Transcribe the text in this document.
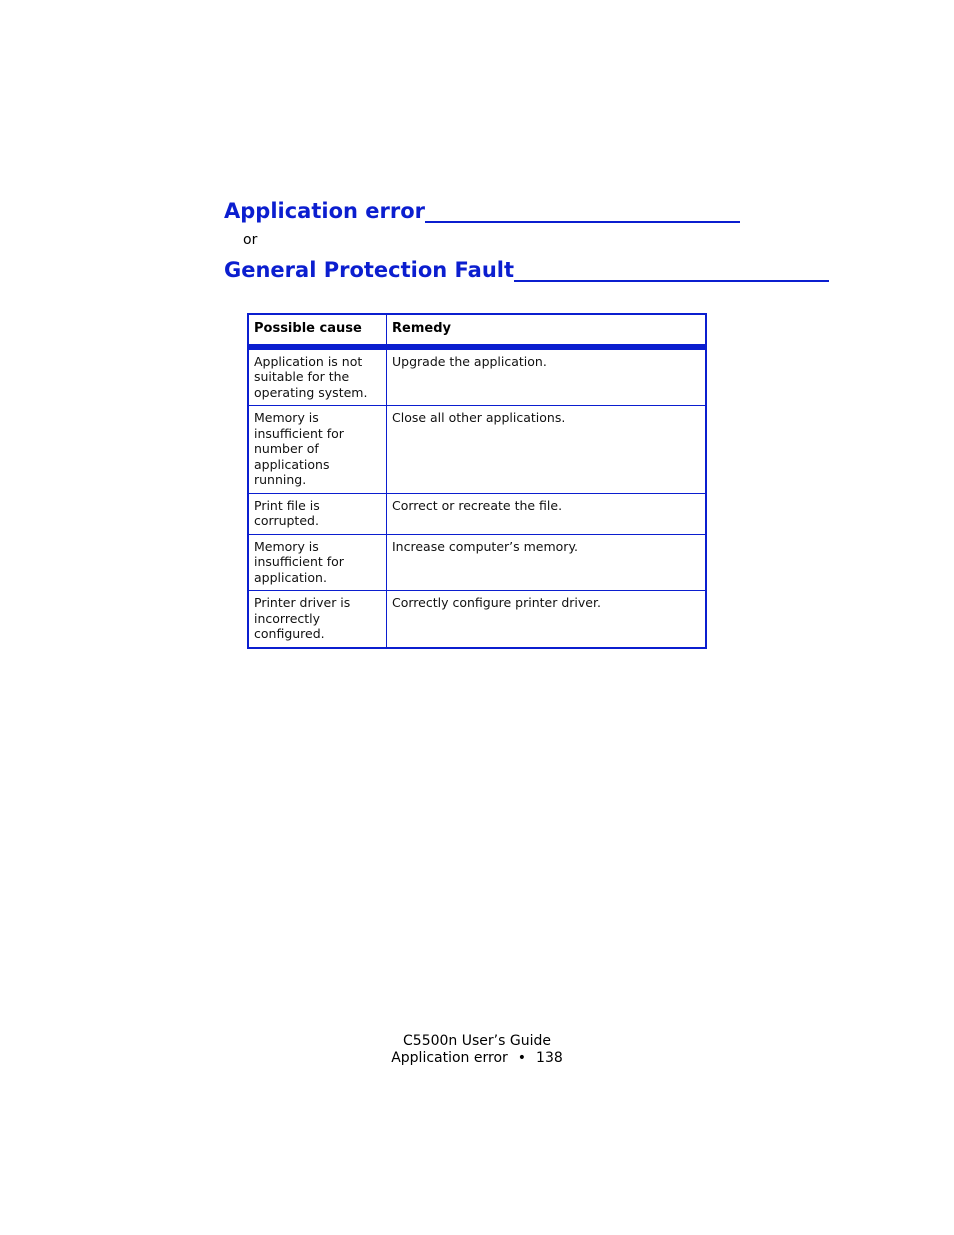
Application error______________________________
or
General Protection Fault______________________________
Possible cause	Remedy
Application is not suitable for the operating system.	Upgrade the application.
Memory is insufficient for number of applications running.	Close all other applications.
Print file is corrupted.	Correct or recreate the file.
Memory is insufficient for application.	Increase computer’s memory.
Printer driver is incorrectly configured.	Correctly configure printer driver.
C5500n User’s Guide
Application error • 138
